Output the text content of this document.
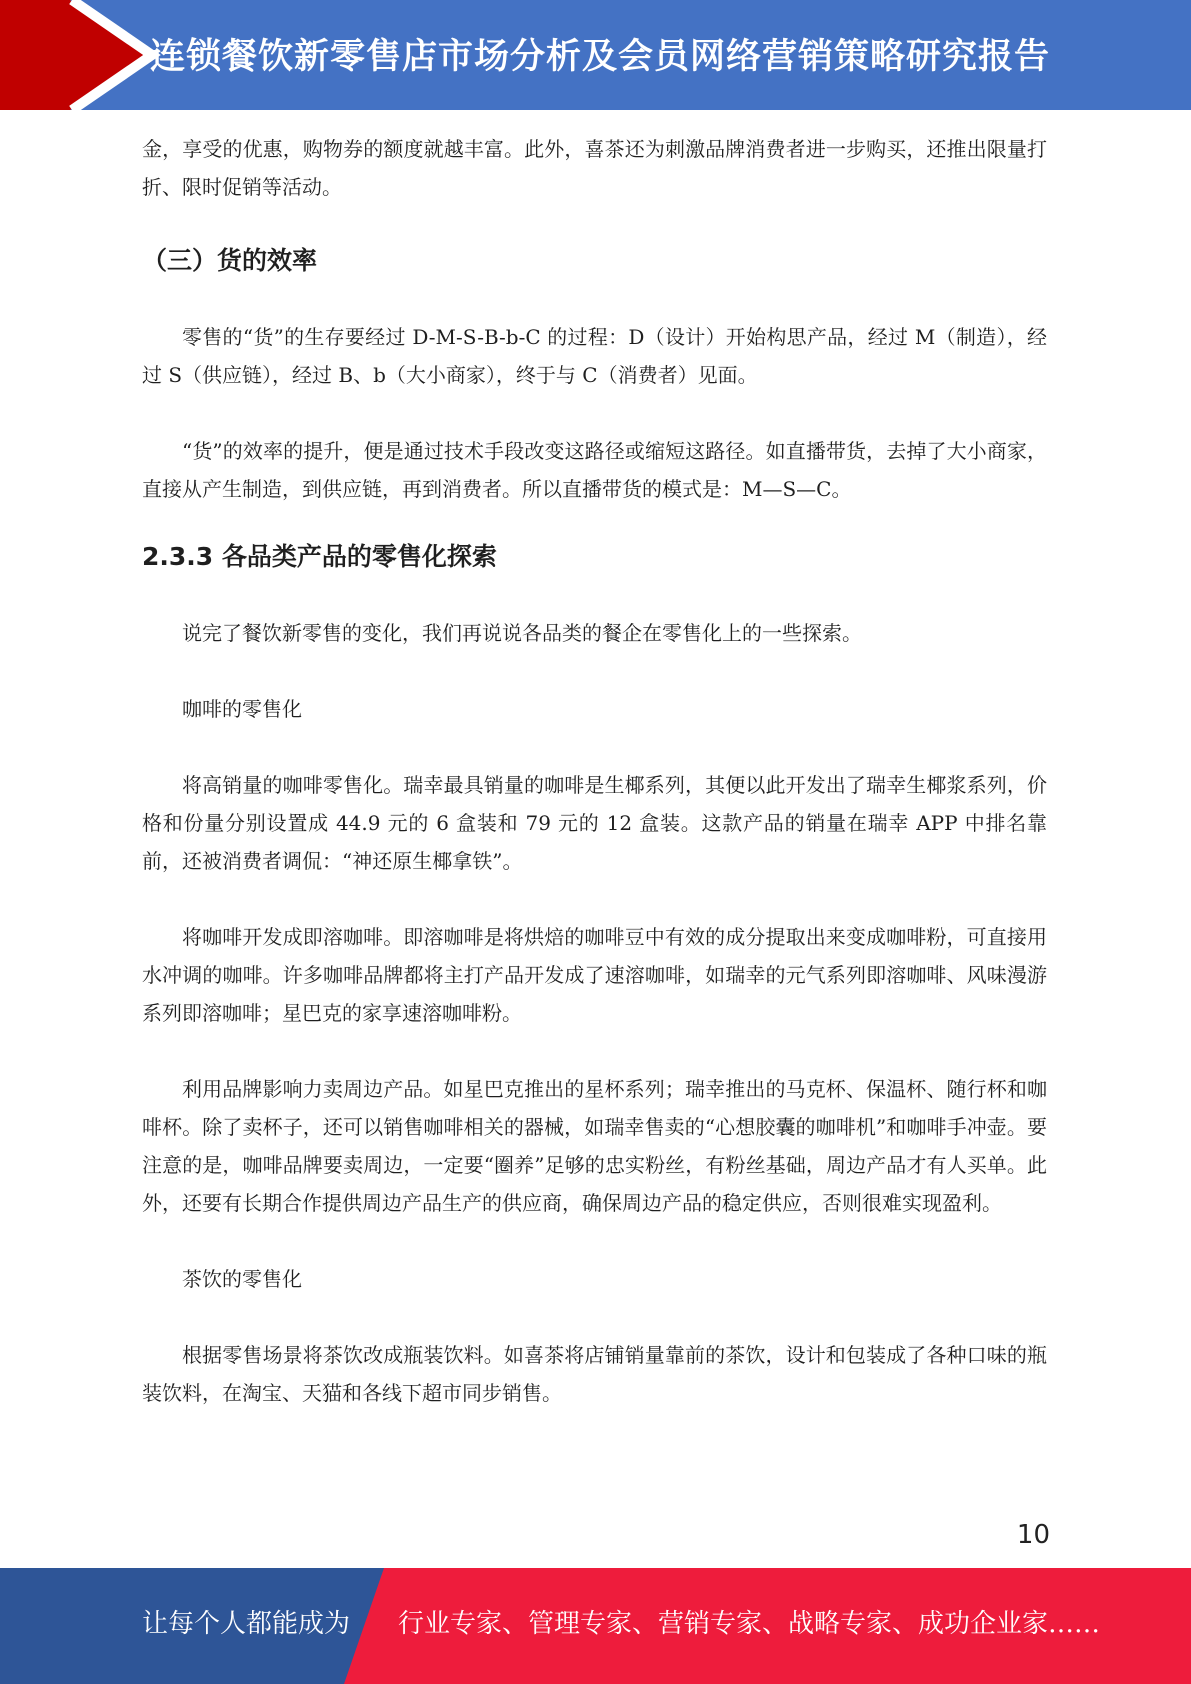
连锁餐饮新零售店市场分析及会员网络营销策略研究报告

金，享受的优惠，购物券的额度就越丰富。此外，喜茶还为刺激品牌消费者进一步购买，还推出限量打折、限时促销等活动。

（三）货的效率

零售的“货”的生存要经过 D-M-S-B-b-C 的过程：D（设计）开始构思产品，经过 M（制造），经过 S（供应链），经过 B、b（大小商家），终于与 C（消费者）见面。

“货”的效率的提升，便是通过技术手段改变这路径或缩短这路径。如直播带货，去掉了大小商家，直接从产生制造，到供应链，再到消费者。所以直播带货的模式是：M—S—C。

2.3.3 各品类产品的零售化探索

说完了餐饮新零售的变化，我们再说说各品类的餐企在零售化上的一些探索。

咖啡的零售化

将高销量的咖啡零售化。瑞幸最具销量的咖啡是生椰系列，其便以此开发出了瑞幸生椰浆系列，价格和份量分别设置成 44.9 元的 6 盒装和 79 元的 12 盒装。这款产品的销量在瑞幸 APP 中排名靠前，还被消费者调侃：“神还原生椰拿铁”。

将咖啡开发成即溶咖啡。即溶咖啡是将烘焙的咖啡豆中有效的成分提取出来变成咖啡粉，可直接用水冲调的咖啡。许多咖啡品牌都将主打产品开发成了速溶咖啡，如瑞幸的元气系列即溶咖啡、风味漫游系列即溶咖啡；星巴克的家享速溶咖啡粉。

利用品牌影响力卖周边产品。如星巴克推出的星杯系列；瑞幸推出的马克杯、保温杯、随行杯和咖啡杯。除了卖杯子，还可以销售咖啡相关的器械，如瑞幸售卖的“心想胶囊的咖啡机”和咖啡手冲壶。要注意的是，咖啡品牌要卖周边，一定要“圈养”足够的忠实粉丝，有粉丝基础，周边产品才有人买单。此外，还要有长期合作提供周边产品生产的供应商，确保周边产品的稳定供应，否则很难实现盈利。

茶饮的零售化

根据零售场景将茶饮改成瓶装饮料。如喜茶将店铺销量靠前的茶饮，设计和包装成了各种口味的瓶装饮料，在淘宝、天猫和各线下超市同步销售。

10
让每个人都能成为 行业专家、管理专家、营销专家、战略专家、成功企业家……
